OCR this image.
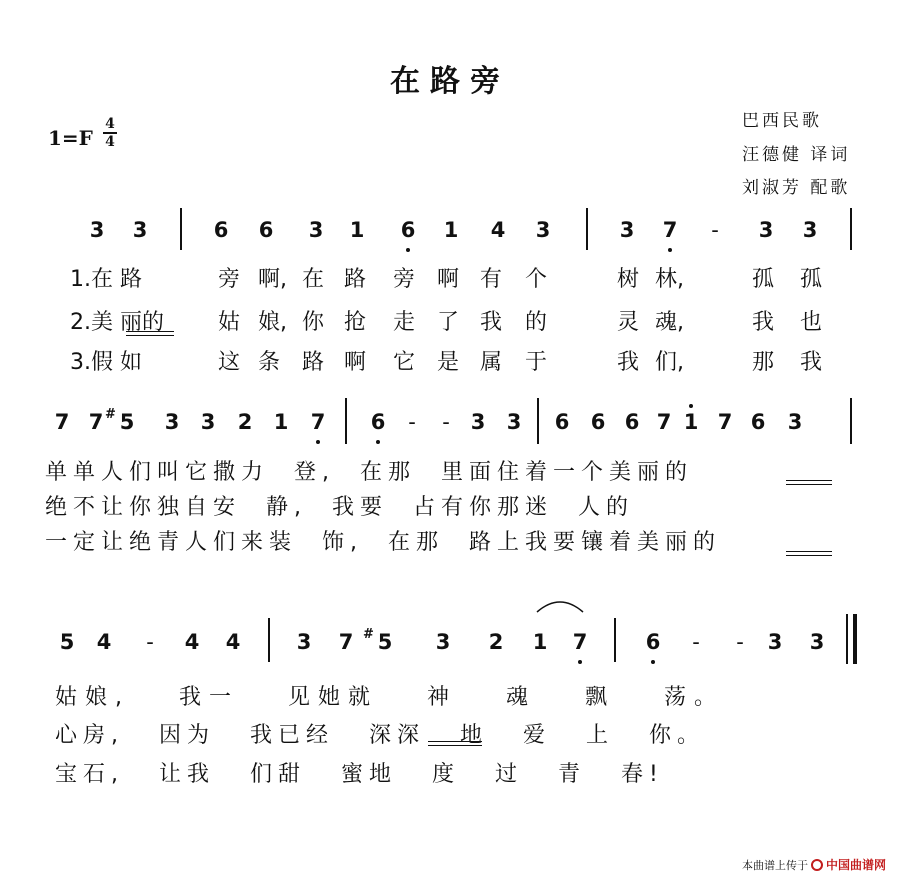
在路旁
1=F
4
4
巴西民歌
汪德健 译词
刘淑芳 配歌
3 3	6 6 3 1 6 1 4 3	3 7	-	3 3
7 7 5
# 3 3 2 1 7 6	-	- 3 3 6 6 6 7 1 7 6 3
5 4	-	4 4	3 7 5
#	3 2 1 7	6	-	-	3 3
1.在 路	旁 啊, 在 路 旁 啊 有 个	树 林,	孤 孤
2.美 丽的 姑 娘, 你 抢 走 了 我 的	灵 魂,	我 也
3.假 如	这 条 路 啊 它 是 属 于	我 们,	那 我
单单人们叫它撒力 登, 在那 里面住着一个美丽的
绝不让你独自安 静, 我要 占有你那迷 人的
一定让绝青人们来装 饰, 在那 路上我要镶着美丽的
姑娘, 我一 见她就 神 魂 飘 荡。
心房, 因为 我已经 深深 地 爱 上 你。
宝石, 让我 们甜 蜜地 度 过 青 春!
本曲谱上传于 中国曲谱网
